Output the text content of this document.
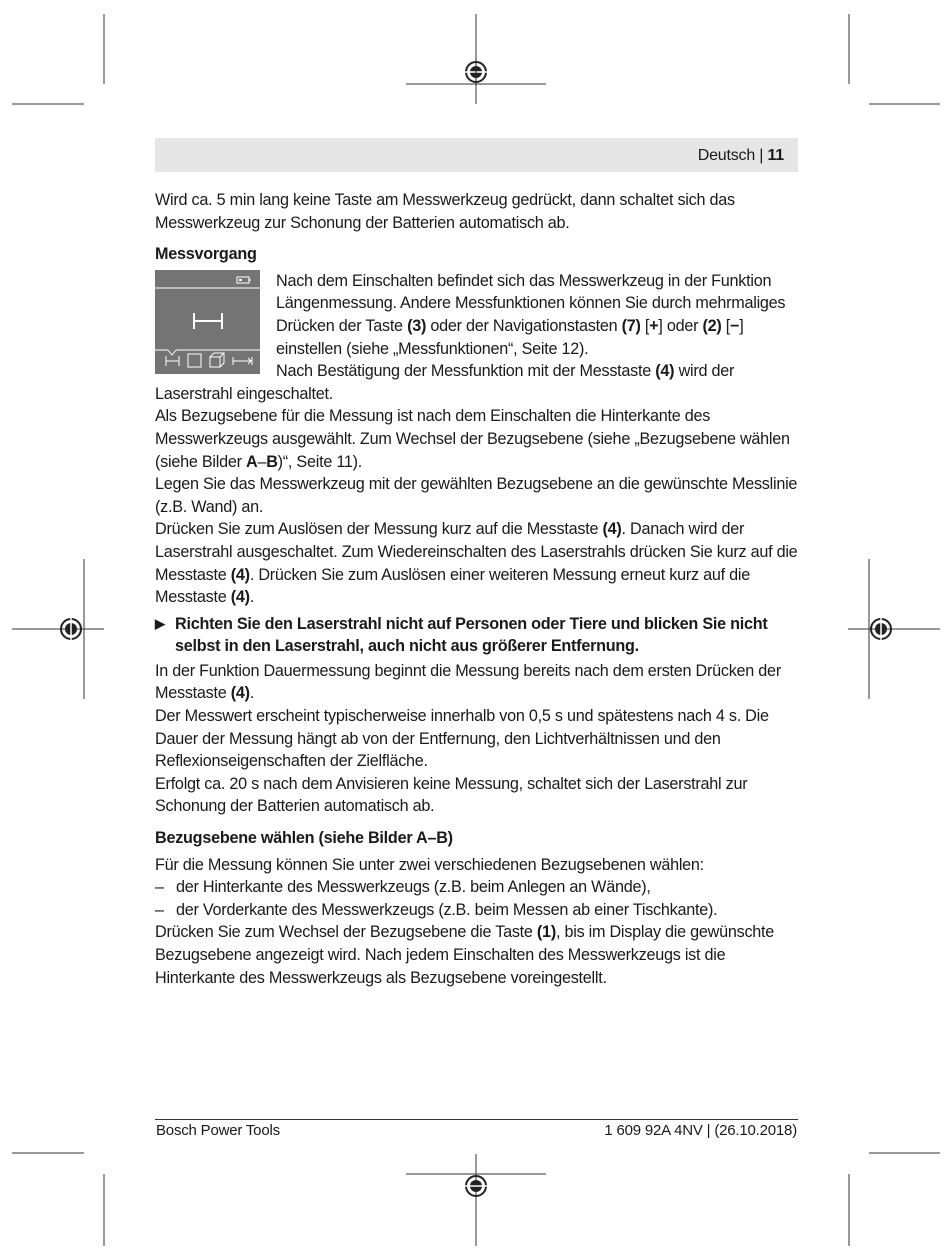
Deutsch | 11

Wird ca. 5 min lang keine Taste am Messwerkzeug gedrückt, dann schaltet sich das Messwerkzeug zur Schonung der Batterien automatisch ab.

Messvorgang

Nach dem Einschalten befindet sich das Messwerkzeug in der Funktion Längenmessung. Andere Messfunktionen können Sie durch mehrmaliges Drücken der Taste (3) oder der Navigationstasten (7) [+] oder (2) [−] einstellen (siehe „Messfunktionen“, Seite 12).

Nach Bestätigung der Messfunktion mit der Messtaste (4) wird der Laserstrahl eingeschaltet.

Als Bezugsebene für die Messung ist nach dem Einschalten die Hinterkante des Messwerkzeugs ausgewählt. Zum Wechsel der Bezugsebene (siehe „Bezugsebene wählen (siehe Bilder A–B)“, Seite 11).

Legen Sie das Messwerkzeug mit der gewählten Bezugsebene an die gewünschte Messlinie (z.B. Wand) an.

Drücken Sie zum Auslösen der Messung kurz auf die Messtaste (4). Danach wird der Laserstrahl ausgeschaltet. Zum Wiedereinschalten des Laserstrahls drücken Sie kurz auf die Messtaste (4). Drücken Sie zum Auslösen einer weiteren Messung erneut kurz auf die Messtaste (4).

▶ Richten Sie den Laserstrahl nicht auf Personen oder Tiere und blicken Sie nicht selbst in den Laserstrahl, auch nicht aus größerer Entfernung.

In der Funktion Dauermessung beginnt die Messung bereits nach dem ersten Drücken der Messtaste (4).

Der Messwert erscheint typischerweise innerhalb von 0,5 s und spätestens nach 4 s. Die Dauer der Messung hängt ab von der Entfernung, den Lichtverhältnissen und den Reflexionseigenschaften der Zielfläche.

Erfolgt ca. 20 s nach dem Anvisieren keine Messung, schaltet sich der Laserstrahl zur Schonung der Batterien automatisch ab.

Bezugsebene wählen (siehe Bilder A–B)

Für die Messung können Sie unter zwei verschiedenen Bezugsebenen wählen:

– der Hinterkante des Messwerkzeugs (z.B. beim Anlegen an Wände),

– der Vorderkante des Messwerkzeugs (z.B. beim Messen ab einer Tischkante).

Drücken Sie zum Wechsel der Bezugsebene die Taste (1), bis im Display die gewünschte Bezugsebene angezeigt wird. Nach jedem Einschalten des Messwerkzeugs ist die Hinterkante des Messwerkzeugs als Bezugsebene voreingestellt.

Bosch Power Tools	1 609 92A 4NV | (26.10.2018)
